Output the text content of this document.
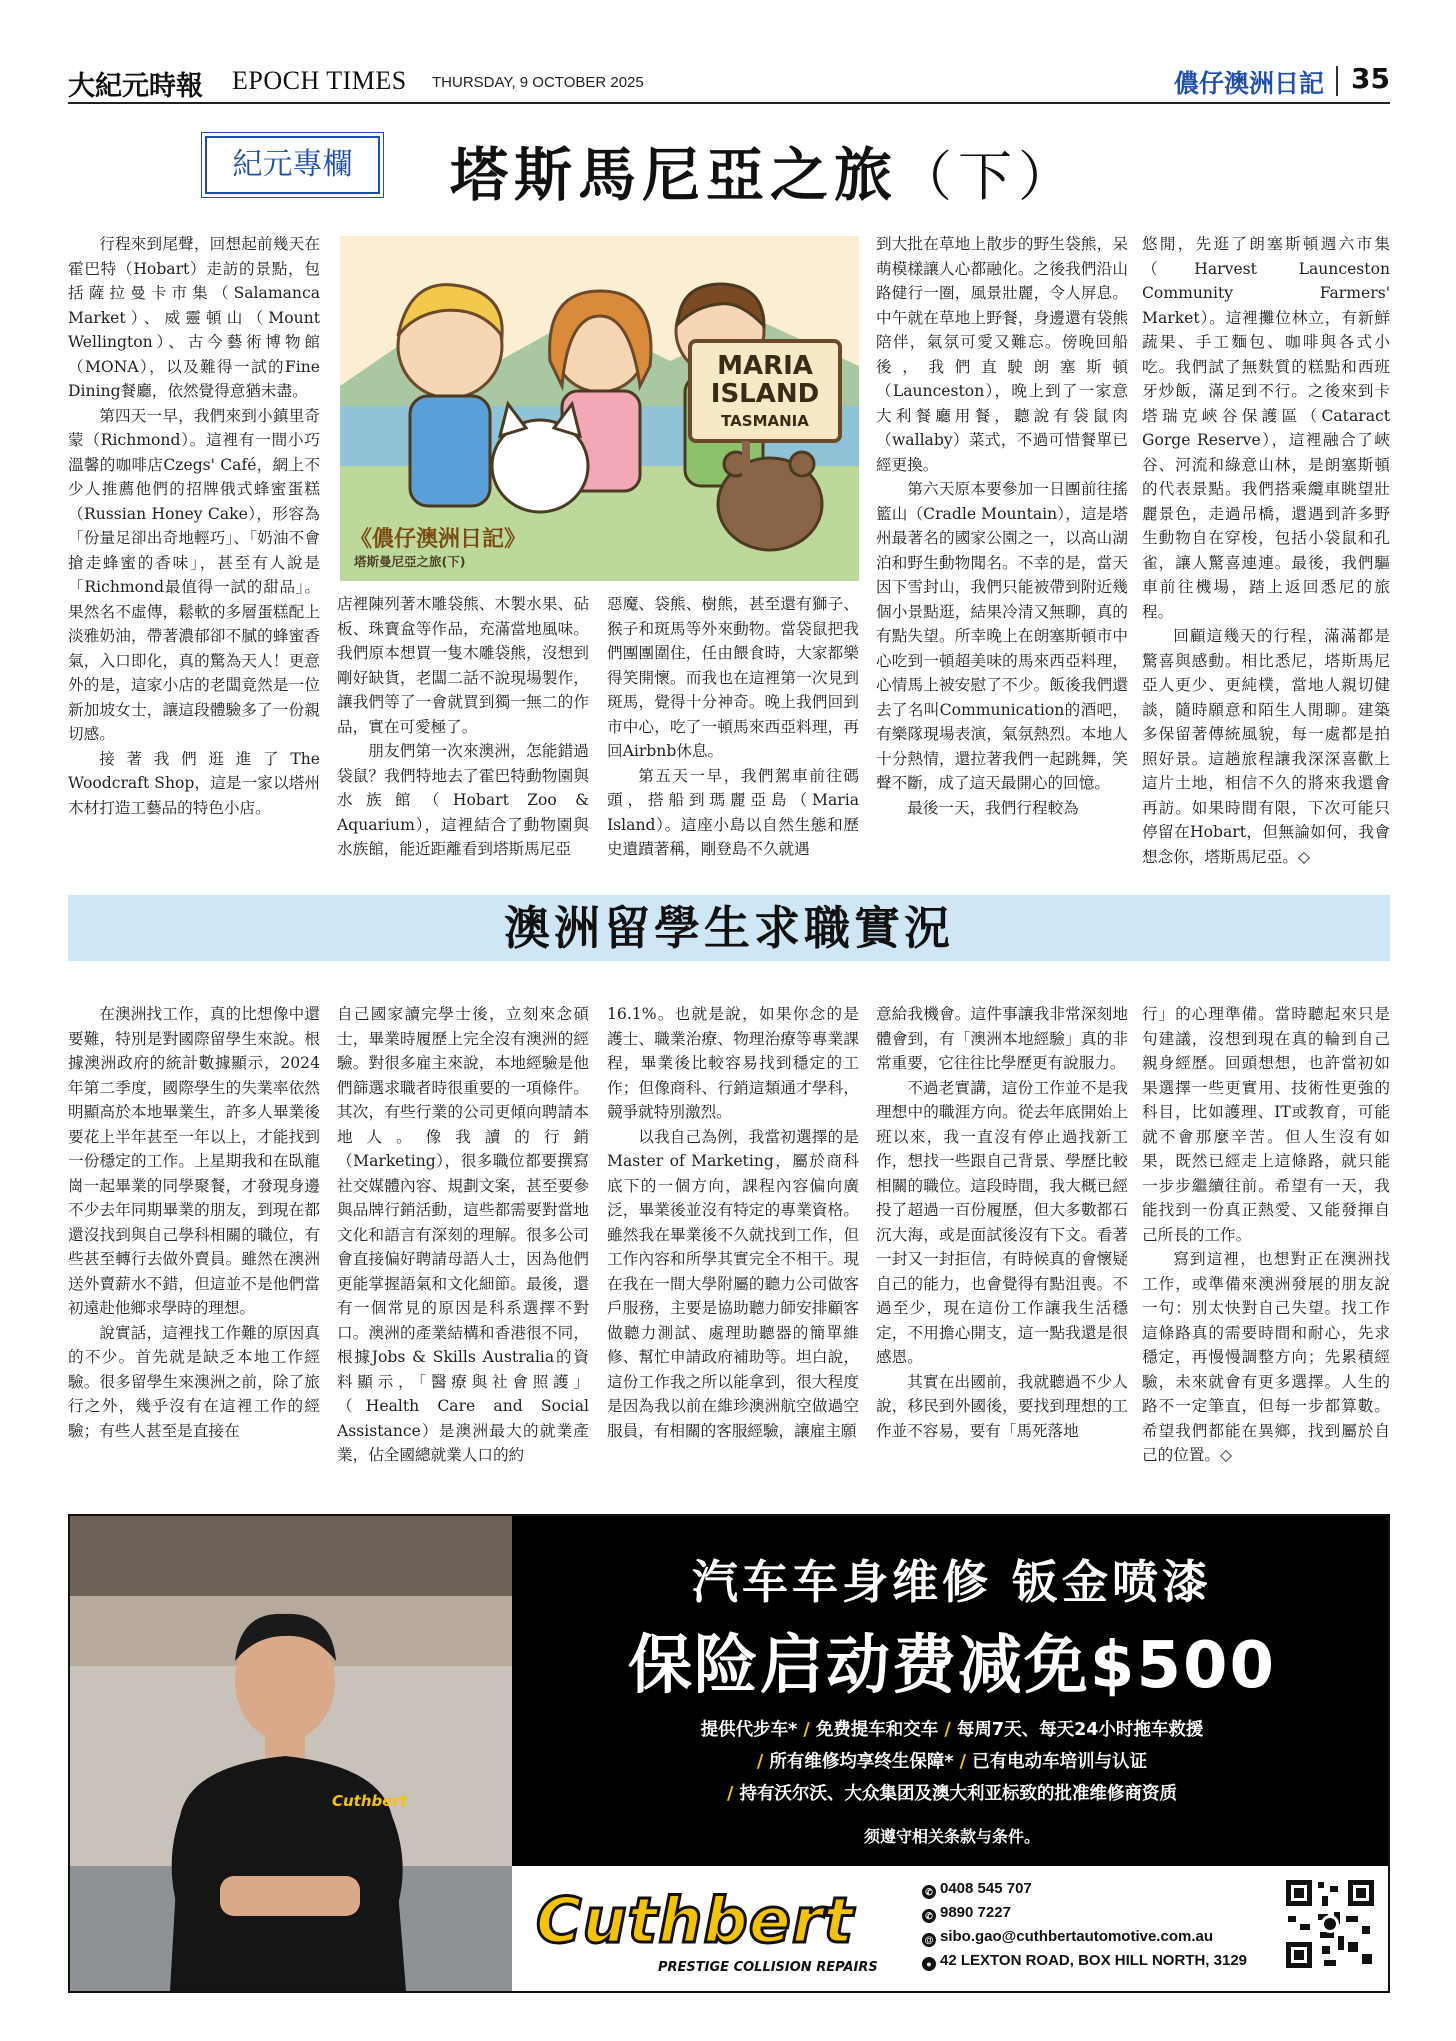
大紀元時報 EPOCH TIMES THURSDAY, 9 OCTOBER 2025	儂仔澳洲日記 35
紀元專欄	塔斯馬尼亞之旅（下）

行程來到尾聲，回想起前幾天在霍巴特（Hobart）走訪的景點，包括薩拉曼卡市集（Salamanca Market）、威靈頓山（Mount Wellington）、古今藝術博物館（MONA），以及難得一試的Fine Dining餐廳，依然覺得意猶未盡。

第四天一早，我們來到小鎮里奇蒙（Richmond）。這裡有一間小巧溫馨的咖啡店Czegs' Café，網上不少人推薦他們的招牌俄式蜂蜜蛋糕（Russian Honey Cake），形容為「份量足卻出奇地輕巧」、「奶油不會搶走蜂蜜的香味」，甚至有人說是「Richmond最值得一試的甜品」。果然名不虛傳，鬆軟的多層蛋糕配上淡雅奶油，帶著濃郁卻不膩的蜂蜜香氣，入口即化，真的驚為天人！更意外的是，這家小店的老闆竟然是一位新加坡女士，讓這段體驗多了一份親切感。

接著我們逛進了The Woodcraft Shop，這是一家以塔州木材打造工藝品的特色小店。

MARIA
ISLAND
TASMANIA
《儂仔澳洲日記》
塔斯曼尼亞之旅(下)

店裡陳列著木雕袋熊、木製水果、砧板、珠寶盒等作品，充滿當地風味。我們原本想買一隻木雕袋熊，沒想到剛好缺貨，老闆二話不說現場製作，讓我們等了一會就買到獨一無二的作品，實在可愛極了。

朋友們第一次來澳洲，怎能錯過袋鼠？我們特地去了霍巴特動物園與水族館（Hobart Zoo & Aquarium），這裡結合了動物園與水族館，能近距離看到塔斯馬尼亞

惡魔、袋熊、樹熊，甚至還有獅子、猴子和斑馬等外來動物。當袋鼠把我們團團圍住，任由餵食時，大家都樂得笑開懷。而我也在這裡第一次見到斑馬，覺得十分神奇。晚上我們回到市中心，吃了一頓馬來西亞料理，再回Airbnb休息。

第五天一早，我們駕車前往碼頭，搭船到瑪麗亞島（Maria Island）。這座小島以自然生態和歷史遺蹟著稱，剛登島不久就遇

到大批在草地上散步的野生袋熊，呆萌模樣讓人心都融化。之後我們沿山路健行一圈，風景壯麗，令人屏息。中午就在草地上野餐，身邊還有袋熊陪伴，氣氛可愛又難忘。傍晚回船後，我們直駛朗塞斯頓（Launceston），晚上到了一家意大利餐廳用餐，聽說有袋鼠肉（wallaby）菜式，不過可惜餐單已經更換。

第六天原本要參加一日團前往搖籃山（Cradle Mountain），這是塔州最著名的國家公園之一，以高山湖泊和野生動物聞名。不幸的是，當天因下雪封山，我們只能被帶到附近幾個小景點逛，結果冷清又無聊，真的有點失望。所幸晚上在朗塞斯頓市中心吃到一頓超美味的馬來西亞料理，心情馬上被安慰了不少。飯後我們還去了名叫Communication的酒吧，有樂隊現場表演，氣氛熱烈。本地人十分熱情，還拉著我們一起跳舞，笑聲不斷，成了這天最開心的回憶。

最後一天，我們行程較為

悠閒，先逛了朗塞斯頓週六市集（Harvest Launceston Community Farmers' Market）。這裡攤位林立，有新鮮蔬果、手工麵包、咖啡與各式小吃。我們試了無麩質的糕點和西班牙炒飯，滿足到不行。之後來到卡塔瑞克峽谷保護區（Cataract Gorge Reserve），這裡融合了峽谷、河流和綠意山林，是朗塞斯頓的代表景點。我們搭乘纜車眺望壯麗景色，走過吊橋，還遇到許多野生動物自在穿梭，包括小袋鼠和孔雀，讓人驚喜連連。最後，我們驅車前往機場，踏上返回悉尼的旅程。

回顧這幾天的行程，滿滿都是驚喜與感動。相比悉尼，塔斯馬尼亞人更少、更純樸，當地人親切健談，隨時願意和陌生人閒聊。建築多保留著傳統風貌，每一處都是拍照好景。這趟旅程讓我深深喜歡上這片土地，相信不久的將來我還會再訪。如果時間有限，下次可能只停留在Hobart，但無論如何，我會想念你，塔斯馬尼亞。◇

澳洲留學生求職實況

在澳洲找工作，真的比想像中還要難，特別是對國際留學生來說。根據澳洲政府的統計數據顯示，2024年第二季度，國際學生的失業率依然明顯高於本地畢業生，許多人畢業後要花上半年甚至一年以上，才能找到一份穩定的工作。上星期我和在臥龍崗一起畢業的同學聚餐，才發現身邊不少去年同期畢業的朋友，到現在都還沒找到與自己學科相關的職位，有些甚至轉行去做外賣員。雖然在澳洲送外賣薪水不錯，但這並不是他們當初遠赴他鄉求學時的理想。

說實話，這裡找工作難的原因真的不少。首先就是缺乏本地工作經驗。很多留學生來澳洲之前，除了旅行之外，幾乎沒有在這裡工作的經驗；有些人甚至是直接在

自己國家讀完學士後，立刻來念碩士，畢業時履歷上完全沒有澳洲的經驗。對很多雇主來說，本地經驗是他們篩選求職者時很重要的一項條件。其次，有些行業的公司更傾向聘請本地人。像我讀的行銷（Marketing），很多職位都要撰寫社交媒體內容、規劃文案，甚至要參與品牌行銷活動，這些都需要對當地文化和語言有深刻的理解。很多公司會直接偏好聘請母語人士，因為他們更能掌握語氣和文化細節。最後，還有一個常見的原因是科系選擇不對口。澳洲的產業結構和香港很不同，根據Jobs & Skills Australia的資料顯示，「醫療與社會照護」（Health Care and Social Assistance）是澳洲最大的就業產業，佔全國總就業人口的約

16.1%。也就是說，如果你念的是護士、職業治療、物理治療等專業課程，畢業後比較容易找到穩定的工作；但像商科、行銷這類通才學科，競爭就特別激烈。

以我自己為例，我當初選擇的是Master of Marketing，屬於商科底下的一個方向，課程內容偏向廣泛，畢業後並沒有特定的專業資格。雖然我在畢業後不久就找到工作，但工作內容和所學其實完全不相干。現在我在一間大學附屬的聽力公司做客戶服務，主要是協助聽力師安排顧客做聽力測試、處理助聽器的簡單維修、幫忙申請政府補助等。坦白說，這份工作我之所以能拿到，很大程度是因為我以前在維珍澳洲航空做過空服員，有相關的客服經驗，讓雇主願

意給我機會。這件事讓我非常深刻地體會到，有「澳洲本地經驗」真的非常重要，它往往比學歷更有說服力。

不過老實講，這份工作並不是我理想中的職涯方向。從去年底開始上班以來，我一直沒有停止過找新工作，想找一些跟自己背景、學歷比較相關的職位。這段時間，我大概已經投了超過一百份履歷，但大多數都石沉大海，或是面試後沒有下文。看著一封又一封拒信，有時候真的會懷疑自己的能力，也會覺得有點沮喪。不過至少，現在這份工作讓我生活穩定，不用擔心開支，這一點我還是很感恩。

其實在出國前，我就聽過不少人說，移民到外國後，要找到理想的工作並不容易，要有「馬死落地

行」的心理準備。當時聽起來只是句建議，沒想到現在真的輪到自己親身經歷。回頭想想，也許當初如果選擇一些更實用、技術性更強的科目，比如護理、IT或教育，可能就不會那麼辛苦。但人生沒有如果，既然已經走上這條路，就只能一步步繼續往前。希望有一天，我能找到一份真正熱愛、又能發揮自己所長的工作。

寫到這裡，也想對正在澳洲找工作，或準備來澳洲發展的朋友說一句：別太快對自己失望。找工作這條路真的需要時間和耐心，先求穩定，再慢慢調整方向；先累積經驗，未來就會有更多選擇。人生的路不一定筆直，但每一步都算數。希望我們都能在異鄉，找到屬於自己的位置。◇

Cuthbert
汽车车身维修 钣金喷漆
保险启动费减免$500
提供代步车* / 免费提车和交车 / 每周7天、每天24小时拖车救援
/ 所有维修均享终生保障* / 已有电动车培训与认证
/ 持有沃尔沃、大众集团及澳大利亚标致的批准维修商资质
须遵守相关条款与条件。
Cuthbert
PRESTIGE COLLISION REPAIRS
✆ 0408 545 707
✆ 9890 7227
@ sibo.gao@cuthbertautomotive.com.au
● 42 LEXTON ROAD, BOX HILL NORTH, 3129
